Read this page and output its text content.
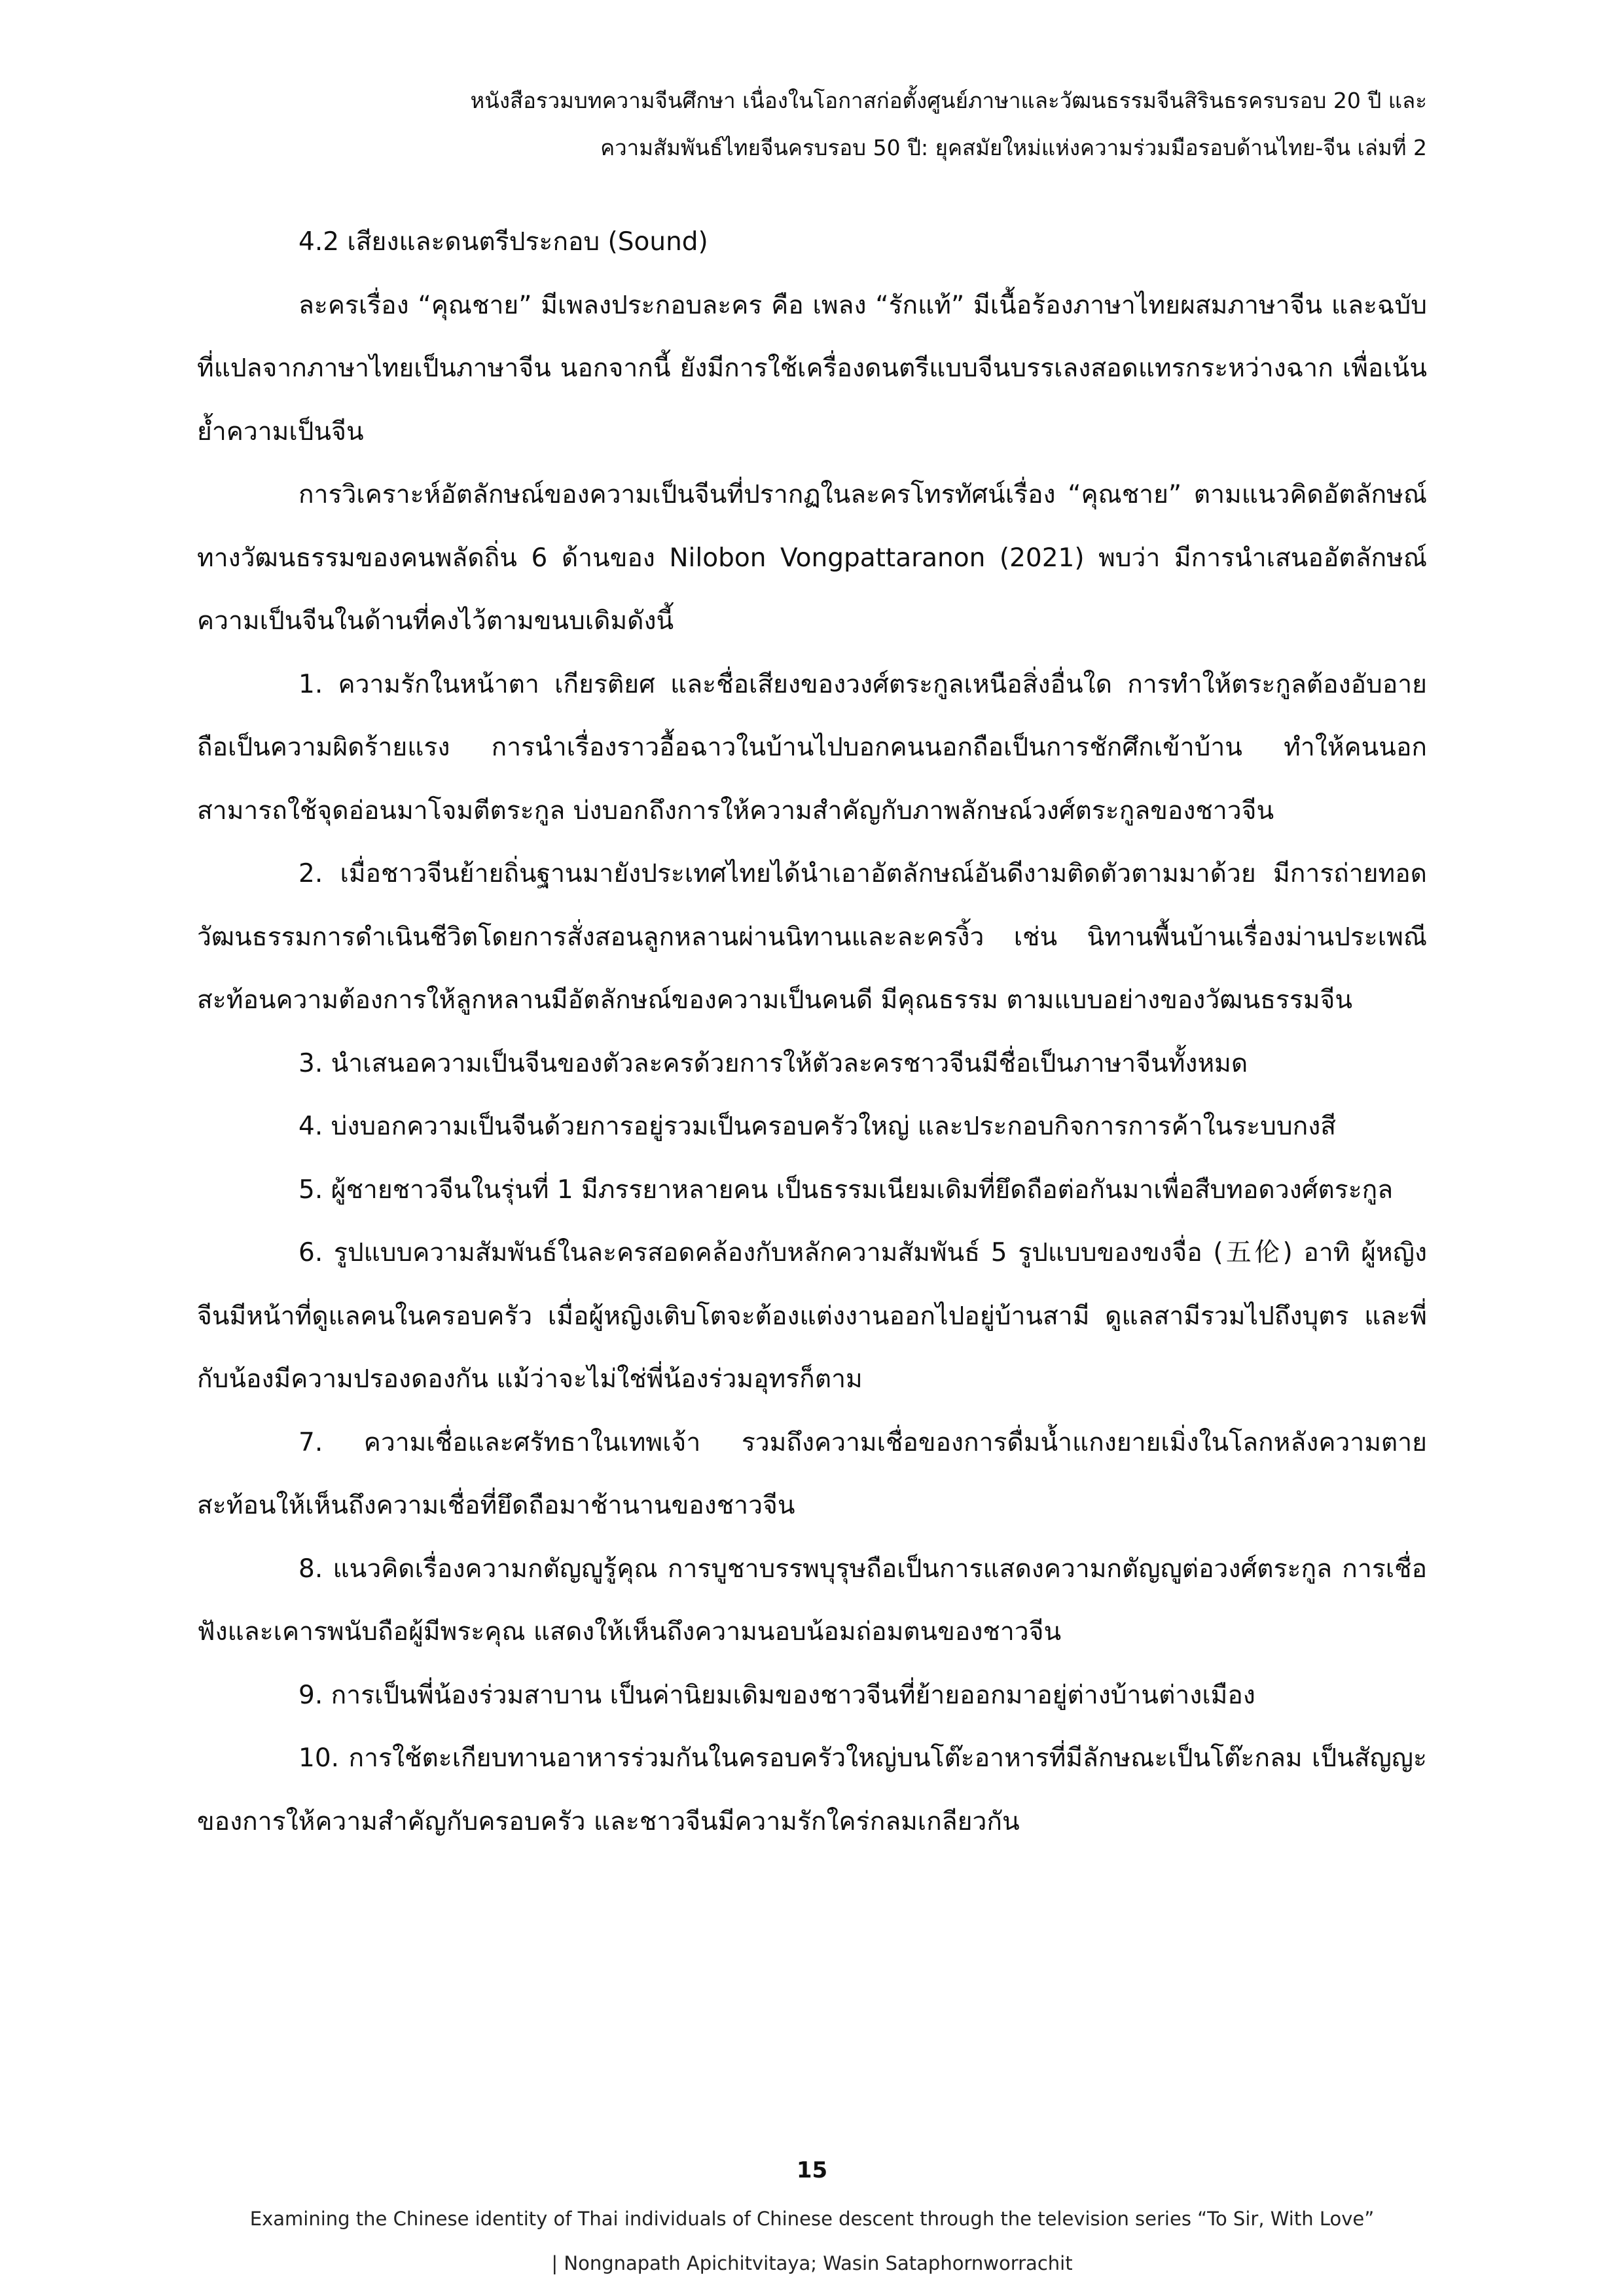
หนังสือรวมบทความจีนศึกษา เนื่องในโอกาสก่อตั้งศูนย์ภาษาและวัฒนธรรมจีนสิรินธรครบรอบ 20 ปี และ
ความสัมพันธ์ไทยจีนครบรอบ 50 ปี: ยุคสมัยใหม่แห่งความร่วมมือรอบด้านไทย-จีน เล่มที่ 2

4.2 เสียงและดนตรีประกอบ (Sound)

ละครเรื่อง “คุณชาย” มีเพลงประกอบละคร คือ เพลง “รักแท้” มีเนื้อร้องภาษาไทยผสมภาษาจีน และฉบับที่แปลจากภาษาไทยเป็นภาษาจีน นอกจากนี้ ยังมีการใช้เครื่องดนตรีแบบจีนบรรเลงสอดแทรกระหว่างฉาก เพื่อเน้นย้ำความเป็นจีน

การวิเคราะห์อัตลักษณ์ของความเป็นจีนที่ปรากฏในละครโทรทัศน์เรื่อง “คุณชาย” ตามแนวคิดอัตลักษณ์ทางวัฒนธรรมของคนพลัดถิ่น 6 ด้านของ Nilobon Vongpattaranon (2021) พบว่า มีการนำเสนออัตลักษณ์ความเป็นจีนในด้านที่คงไว้ตามขนบเดิมดังนี้

1. ความรักในหน้าตา เกียรติยศ และชื่อเสียงของวงศ์ตระกูลเหนือสิ่งอื่นใด การทำให้ตระกูลต้องอับอายถือเป็นความผิดร้ายแรง การนำเรื่องราวอื้อฉาวในบ้านไปบอกคนนอกถือเป็นการชักศึกเข้าบ้าน ทำให้คนนอกสามารถใช้จุดอ่อนมาโจมตีตระกูล บ่งบอกถึงการให้ความสำคัญกับภาพลักษณ์วงศ์ตระกูลของชาวจีน

2. เมื่อชาวจีนย้ายถิ่นฐานมายังประเทศไทยได้นำเอาอัตลักษณ์อันดีงามติดตัวตามมาด้วย มีการถ่ายทอดวัฒนธรรมการดำเนินชีวิตโดยการสั่งสอนลูกหลานผ่านนิทานและละครงิ้ว เช่น นิทานพื้นบ้านเรื่องม่านประเพณี สะท้อนความต้องการให้ลูกหลานมีอัตลักษณ์ของความเป็นคนดี มีคุณธรรม ตามแบบอย่างของวัฒนธรรมจีน

3. นำเสนอความเป็นจีนของตัวละครด้วยการให้ตัวละครชาวจีนมีชื่อเป็นภาษาจีนทั้งหมด

4. บ่งบอกความเป็นจีนด้วยการอยู่รวมเป็นครอบครัวใหญ่ และประกอบกิจการการค้าในระบบกงสี

5. ผู้ชายชาวจีนในรุ่นที่ 1 มีภรรยาหลายคน เป็นธรรมเนียมเดิมที่ยึดถือต่อกันมาเพื่อสืบทอดวงศ์ตระกูล

6. รูปแบบความสัมพันธ์ในละครสอดคล้องกับหลักความสัมพันธ์ 5 รูปแบบของขงจื่อ (五伦) อาทิ ผู้หญิงจีนมีหน้าที่ดูแลคนในครอบครัว เมื่อผู้หญิงเติบโตจะต้องแต่งงานออกไปอยู่บ้านสามี ดูแลสามีรวมไปถึงบุตร และพี่กับน้องมีความปรองดองกัน แม้ว่าจะไม่ใช่พี่น้องร่วมอุทรก็ตาม

7. ความเชื่อและศรัทธาในเทพเจ้า รวมถึงความเชื่อของการดื่มน้ำแกงยายเมิ่งในโลกหลังความตาย สะท้อนให้เห็นถึงความเชื่อที่ยึดถือมาช้านานของชาวจีน

8. แนวคิดเรื่องความกตัญญูรู้คุณ การบูชาบรรพบุรุษถือเป็นการแสดงความกตัญญูต่อวงศ์ตระกูล การเชื่อฟังและเคารพนับถือผู้มีพระคุณ แสดงให้เห็นถึงความนอบน้อมถ่อมตนของชาวจีน

9. การเป็นพี่น้องร่วมสาบาน เป็นค่านิยมเดิมของชาวจีนที่ย้ายออกมาอยู่ต่างบ้านต่างเมือง

10. การใช้ตะเกียบทานอาหารร่วมกันในครอบครัวใหญ่บนโต๊ะอาหารที่มีลักษณะเป็นโต๊ะกลม เป็นสัญญะของการให้ความสำคัญกับครอบครัว และชาวจีนมีความรักใคร่กลมเกลียวกัน

15
Examining the Chinese identity of Thai individuals of Chinese descent through the television series “To Sir, With Love”
| Nongnapath Apichitvitaya; Wasin Sataphornworrachit
